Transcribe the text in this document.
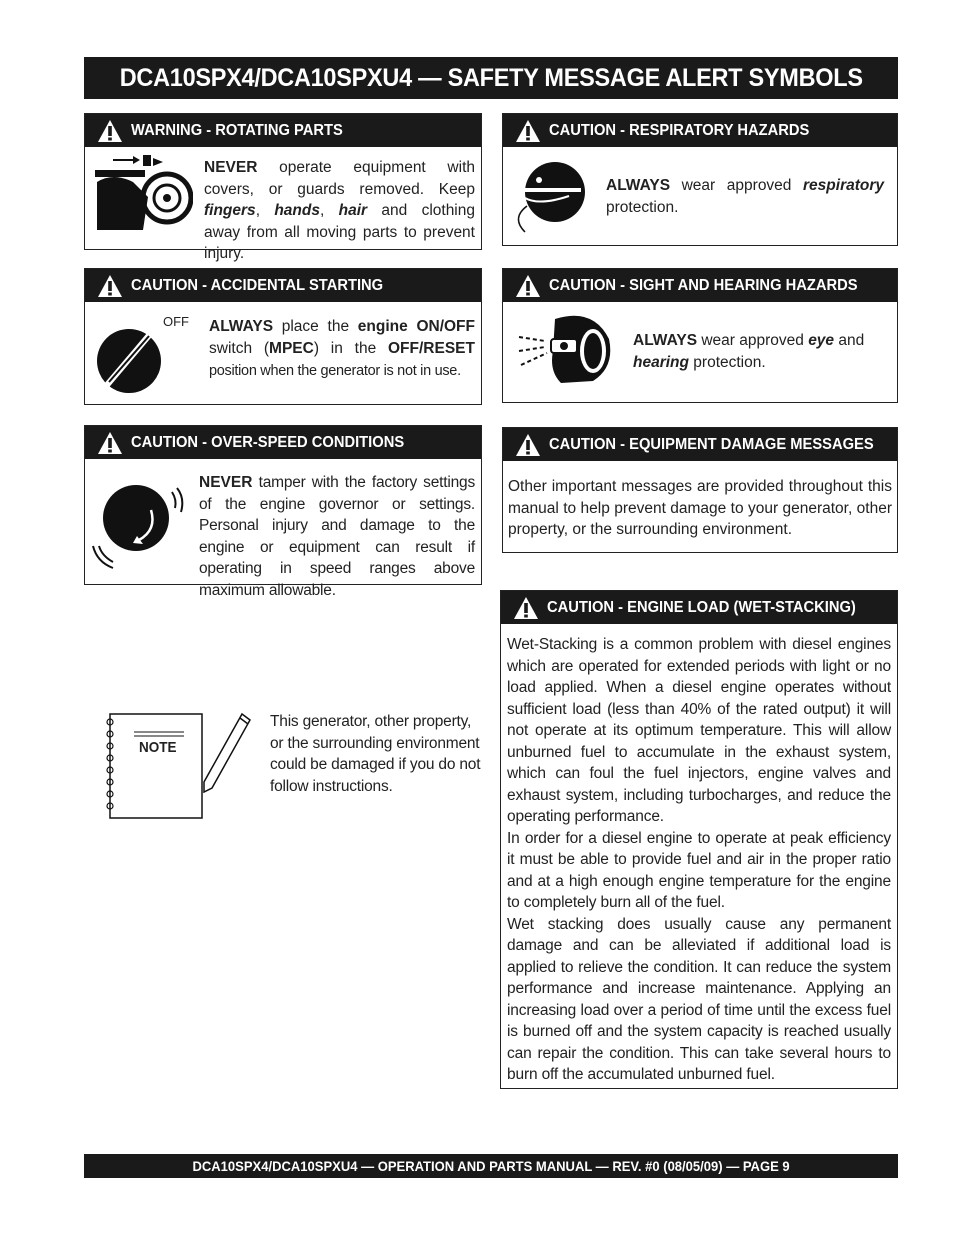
DCA10SPX4/DCA10SPXU4 — SAFETY MESSAGE ALERT SYMBOLS
WARNING - ROTATING PARTS
NEVER operate equipment with covers, or guards removed. Keep fingers, hands, hair and clothing away from all moving parts to prevent injury.
CAUTION - ACCIDENTAL STARTING
OFF ALWAYS place the engine ON/OFF switch (MPEC) in the OFF/RESET position when the generator is not in use.
CAUTION - OVER-SPEED CONDITIONS
NEVER tamper with the factory settings of the engine governor or settings. Personal injury and damage to the engine or equipment can result if operating in speed ranges above maximum allowable.
CAUTION - RESPIRATORY HAZARDS
ALWAYS wear approved respiratory protection.
CAUTION - SIGHT AND HEARING HAZARDS
ALWAYS wear approved eye and hearing protection.
CAUTION - EQUIPMENT DAMAGE MESSAGES
Other important messages are provided throughout this manual to help prevent damage to your generator, other property, or the surrounding environment.
CAUTION - ENGINE LOAD (WET-STACKING)

Wet-Stacking is a common problem with diesel engines which are operated for extended periods with light or no load applied. When a diesel engine operates without sufficient load (less than 40% of the rated output) it will not operate at its optimum temperature. This will allow unburned fuel to accumulate in the exhaust system, which can foul the fuel injectors, engine valves and exhaust system, including turbocharges, and reduce the operating performance.

In order for a diesel engine to operate at peak efficiency it must be able to provide fuel and air in the proper ratio and at a high enough engine temperature for the engine to completely burn all of the fuel.

Wet stacking does usually cause any permanent damage and can be alleviated if additional load is applied to relieve the condition. It can reduce the system performance and increase maintenance. Applying an increasing load over a period of time until the excess fuel is burned off and the system capacity is reached usually can repair the condition. This can take several hours to burn off the accumulated unburned fuel.

NOTE
This generator, other property, or the surrounding environment could be damaged if you do not follow instructions.
DCA10SPX4/DCA10SPXU4 — OPERATION AND PARTS MANUAL — REV. #0 (08/05/09) — PAGE 9
